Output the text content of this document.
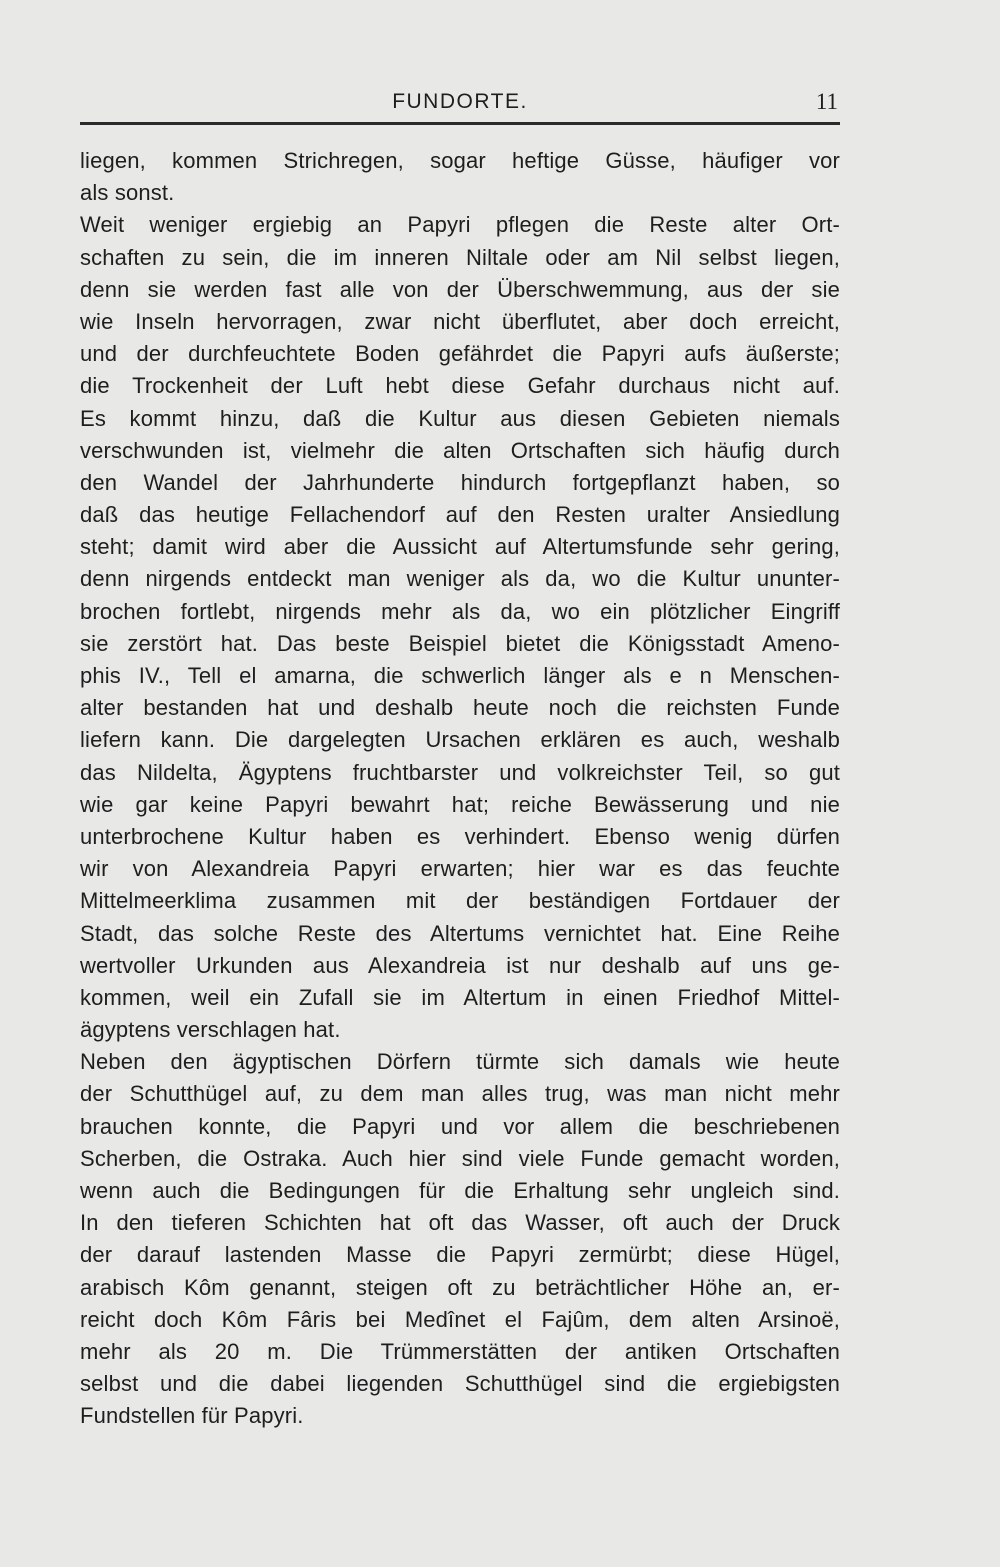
FUNDORTE.	11
liegen, kommen Strichregen, sogar heftige Güsse, häufiger vor
als sonst.
Weit weniger ergiebig an Papyri pflegen die Reste alter Ort-
schaften zu sein, die im inneren Niltale oder am Nil selbst liegen,
denn sie werden fast alle von der Überschwemmung, aus der sie
wie Inseln hervorragen, zwar nicht überflutet, aber doch erreicht,
und der durchfeuchtete Boden gefährdet die Papyri aufs äußerste;
die Trockenheit der Luft hebt diese Gefahr durchaus nicht auf.
Es kommt hinzu, daß die Kultur aus diesen Gebieten niemals
verschwunden ist, vielmehr die alten Ortschaften sich häufig durch
den Wandel der Jahrhunderte hindurch fortgepflanzt haben, so
daß das heutige Fellachendorf auf den Resten uralter Ansiedlung
steht; damit wird aber die Aussicht auf Altertumsfunde sehr gering,
denn nirgends entdeckt man weniger als da, wo die Kultur ununter-
brochen fortlebt, nirgends mehr als da, wo ein plötzlicher Eingriff
sie zerstört hat. Das beste Beispiel bietet die Königsstadt Ameno-
phis IV., Tell el amarna, die schwerlich länger als e n Menschen-
alter bestanden hat und deshalb heute noch die reichsten Funde
liefern kann. Die dargelegten Ursachen erklären es auch, weshalb
das Nildelta, Ägyptens fruchtbarster und volkreichster Teil, so gut
wie gar keine Papyri bewahrt hat; reiche Bewässerung und nie
unterbrochene Kultur haben es verhindert. Ebenso wenig dürfen
wir von Alexandreia Papyri erwarten; hier war es das feuchte
Mittelmeerklima zusammen mit der beständigen Fortdauer der
Stadt, das solche Reste des Altertums vernichtet hat. Eine Reihe
wertvoller Urkunden aus Alexandreia ist nur deshalb auf uns ge-
kommen, weil ein Zufall sie im Altertum in einen Friedhof Mittel-
ägyptens verschlagen hat.
Neben den ägyptischen Dörfern türmte sich damals wie heute
der Schutthügel auf, zu dem man alles trug, was man nicht mehr
brauchen konnte, die Papyri und vor allem die beschriebenen
Scherben, die Ostraka. Auch hier sind viele Funde gemacht worden,
wenn auch die Bedingungen für die Erhaltung sehr ungleich sind.
In den tieferen Schichten hat oft das Wasser, oft auch der Druck
der darauf lastenden Masse die Papyri zermürbt; diese Hügel,
arabisch Kôm genannt, steigen oft zu beträchtlicher Höhe an, er-
reicht doch Kôm Fâris bei Medînet el Fajûm, dem alten Arsinoë,
mehr als 20 m. Die Trümmerstätten der antiken Ortschaften
selbst und die dabei liegenden Schutthügel sind die ergiebigsten
Fundstellen für Papyri.
